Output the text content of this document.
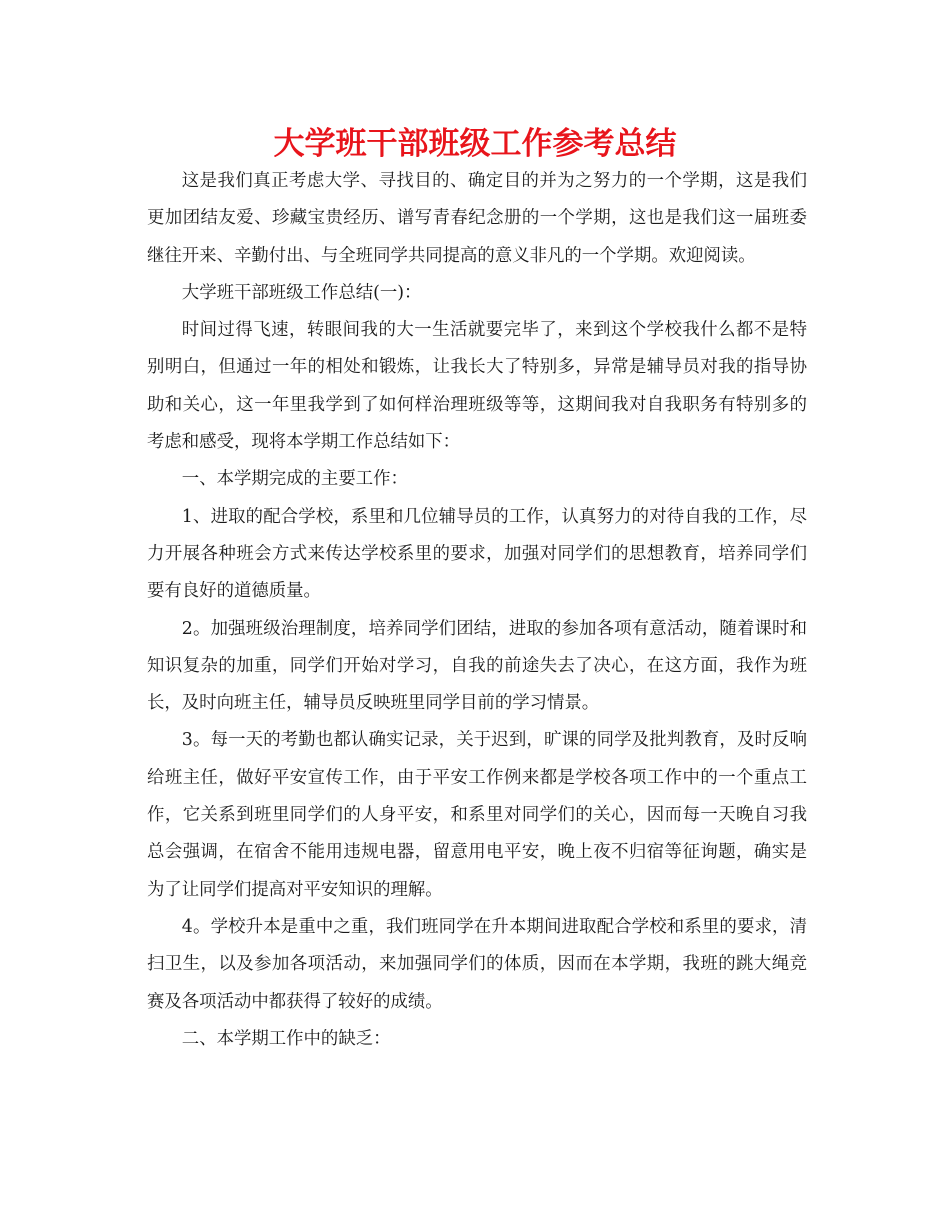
大学班干部班级工作参考总结

这是我们真正考虑大学、寻找目的、确定目的并为之努力的一个学期，这是我们更加团结友爱、珍藏宝贵经历、谱写青春纪念册的一个学期，这也是我们这一届班委继往开来、辛勤付出、与全班同学共同提高的意义非凡的一个学期。欢迎阅读。

大学班干部班级工作总结(一)：

时间过得飞速，转眼间我的大一生活就要完毕了，来到这个学校我什么都不是特别明白，但通过一年的相处和锻炼，让我长大了特别多，异常是辅导员对我的指导协助和关心，这一年里我学到了如何样治理班级等等，这期间我对自我职务有特别多的考虑和感受，现将本学期工作总结如下：

一、本学期完成的主要工作：

1、进取的配合学校，系里和几位辅导员的工作，认真努力的对待自我的工作，尽力开展各种班会方式来传达学校系里的要求，加强对同学们的思想教育，培养同学们要有良好的道德质量。

2。加强班级治理制度，培养同学们团结，进取的参加各项有意活动，随着课时和知识复杂的加重，同学们开始对学习，自我的前途失去了决心，在这方面，我作为班长，及时向班主任，辅导员反映班里同学目前的学习情景。

3。每一天的考勤也都认确实记录，关于迟到，旷课的同学及批判教育，及时反响给班主任，做好平安宣传工作，由于平安工作例来都是学校各项工作中的一个重点工作，它关系到班里同学们的人身平安，和系里对同学们的关心，因而每一天晚自习我总会强调，在宿舍不能用违规电器，留意用电平安，晚上夜不归宿等征询题，确实是为了让同学们提高对平安知识的理解。

4。学校升本是重中之重，我们班同学在升本期间进取配合学校和系里的要求，清扫卫生，以及参加各项活动，来加强同学们的体质，因而在本学期，我班的跳大绳竞赛及各项活动中都获得了较好的成绩。

二、本学期工作中的缺乏：
